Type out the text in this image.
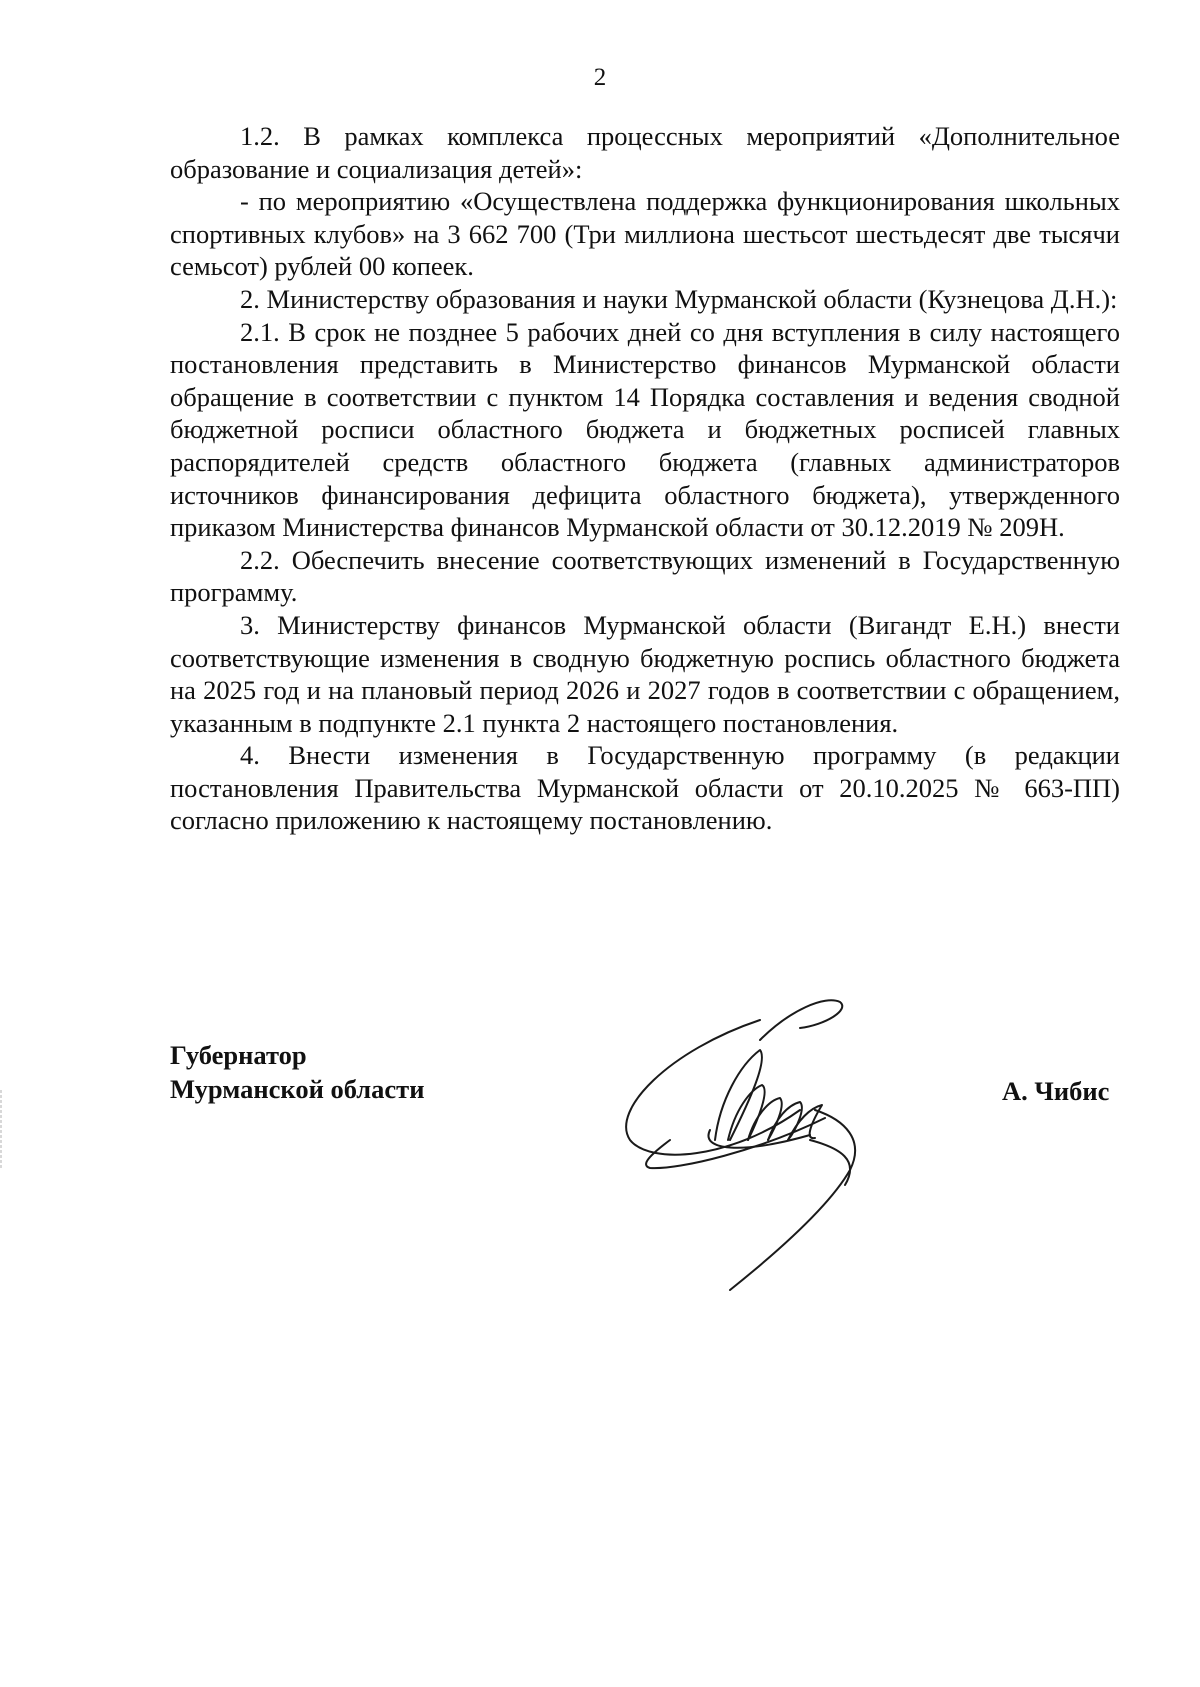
2

1.2. В рамках комплекса процессных мероприятий «Дополнительное образование и социализация детей»:

- по мероприятию «Осуществлена поддержка функционирования школьных спортивных клубов» на 3 662 700 (Три миллиона шестьсот шестьдесят две тысячи семьсот) рублей 00 копеек.

2. Министерству образования и науки Мурманской области (Кузнецова Д.Н.):

2.1. В срок не позднее 5 рабочих дней со дня вступления в силу настоящего постановления представить в Министерство финансов Мурманской области обращение в соответствии с пунктом 14 Порядка составления и ведения сводной бюджетной росписи областного бюджета и бюджетных росписей главных распорядителей средств областного бюджета (главных администраторов источников финансирования дефицита областного бюджета), утвержденного приказом Министерства финансов Мурманской области от 30.12.2019 № 209Н.

2.2. Обеспечить внесение соответствующих изменений в Государственную программу.

3. Министерству финансов Мурманской области (Вигандт Е.Н.) внести соответствующие изменения в сводную бюджетную роспись областного бюджета на 2025 год и на плановый период 2026 и 2027 годов в соответствии с обращением, указанным в подпункте 2.1 пункта 2 настоящего постановления.

4. Внести изменения в Государственную программу (в редакции постановления Правительства Мурманской области от 20.10.2025 № 663-ПП) согласно приложению к настоящему постановлению.

Губернатор
Мурманской области	А. Чибис
